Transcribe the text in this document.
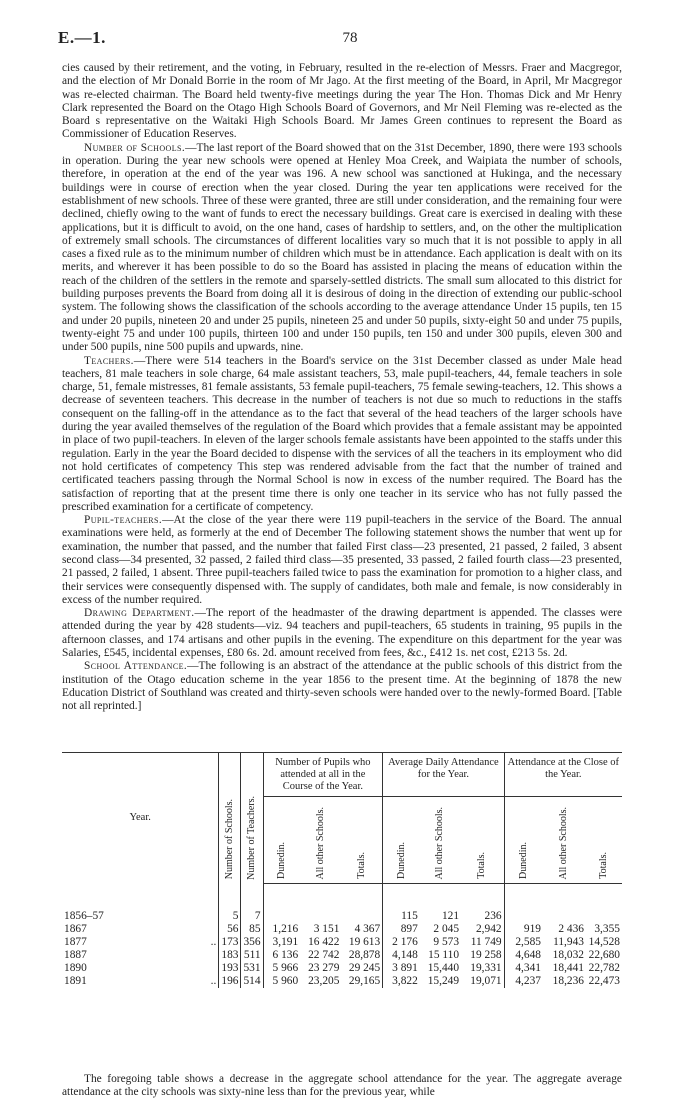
E.—1.	78

cies caused by their retirement, and the voting, in February, resulted in the re-election of Messrs. Fraer and Macgregor, and the election of Mr Donald Borrie in the room of Mr Jago. At the first meeting of the Board, in April, Mr Macgregor was re-elected chairman. The Board held twenty-five meetings during the year The Hon. Thomas Dick and Mr Henry Clark represented the Board on the Otago High Schools Board of Governors, and Mr Neil Fleming was re-elected as the Board s representative on the Waitaki High Schools Board. Mr James Green continues to represent the Board as Commissioner of Education Reserves.

Number of Schools.—The last report of the Board showed that on the 31st December, 1890, there were 193 schools in operation. During the year new schools were opened at Henley Moa Creek, and Waipiata the number of schools, therefore, in operation at the end of the year was 196. A new school was sanctioned at Hukinga, and the necessary buildings were in course of erection when the year closed. During the year ten applications were received for the establishment of new schools. Three of these were granted, three are still under consideration, and the remaining four were declined, chiefly owing to the want of funds to erect the necessary buildings. Great care is exercised in dealing with these applications, but it is difficult to avoid, on the one hand, cases of hardship to settlers, and, on the other the multiplication of extremely small schools. The circumstances of different localities vary so much that it is not possible to apply in all cases a fixed rule as to the minimum number of children which must be in attendance. Each application is dealt with on its merits, and wherever it has been possible to do so the Board has assisted in placing the means of education within the reach of the children of the settlers in the remote and sparsely-settled districts. The small sum allocated to this district for building purposes prevents the Board from doing all it is desirous of doing in the direction of extending our public-school system. The following shows the classification of the schools according to the average attendance Under 15 pupils, ten 15 and under 20 pupils, nineteen 20 and under 25 pupils, nineteen 25 and under 50 pupils, sixty-eight 50 and under 75 pupils, twenty-eight 75 and under 100 pupils, thirteen 100 and under 150 pupils, ten 150 and under 300 pupils, eleven 300 and under 500 pupils, nine 500 pupils and upwards, nine.

Teachers.—There were 514 teachers in the Board's service on the 31st December classed as under Male head teachers, 81 male teachers in sole charge, 64 male assistant teachers, 53, male pupil-teachers, 44, female teachers in sole charge, 51, female mistresses, 81 female assistants, 53 female pupil-teachers, 75 female sewing-teachers, 12. This shows a decrease of seventeen teachers. This decrease in the number of teachers is not due so much to reductions in the staffs consequent on the falling-off in the attendance as to the fact that several of the head teachers of the larger schools have during the year availed themselves of the regulation of the Board which provides that a female assistant may be appointed in place of two pupil-teachers. In eleven of the larger schools female assistants have been appointed to the staffs under this regulation. Early in the year the Board decided to dispense with the services of all the teachers in its employment who did not hold certificates of competency This step was rendered advisable from the fact that the number of trained and certificated teachers passing through the Normal School is now in excess of the number required. The Board has the satisfaction of reporting that at the present time there is only one teacher in its service who has not fully passed the prescribed examination for a certificate of competency.

Pupil-teachers.—At the close of the year there were 119 pupil-teachers in the service of the Board. The annual examinations were held, as formerly at the end of December The following statement shows the number that went up for examination, the number that passed, and the number that failed First class—23 presented, 21 passed, 2 failed, 3 absent second class—34 presented, 32 passed, 2 failed third class—35 presented, 33 passed, 2 failed fourth class—23 presented, 21 passed, 2 failed, 1 absent. Three pupil-teachers failed twice to pass the examination for promotion to a higher class, and their services were consequently dispensed with. The supply of candidates, both male and female, is now considerably in excess of the number required.

Drawing Department.—The report of the headmaster of the drawing department is appended. The classes were attended during the year by 428 students—viz. 94 teachers and pupil-teachers, 65 students in training, 95 pupils in the afternoon classes, and 174 artisans and other pupils in the evening. The expenditure on this department for the year was Salaries, £545, incidental expenses, £80 6s. 2d. amount received from fees, &c., £412 1s. net cost, £213 5s. 2d.

School Attendance.—The following is an abstract of the attendance at the public schools of this district from the institution of the Otago education scheme in the year 1856 to the present time. At the beginning of 1878 the new Education District of Southland was created and thirty-seven schools were handed over to the newly-formed Board. [Table not all reprinted.]

Year.		Number of Schools.	Number of Teachers.	Number of Pupils who attended at all in the Course of the Year.			Average Daily Attendance for the Year.			Attendance at the Close of the Year.		
				Dunedin.	All other Schools.	Totals.	Dunedin.	All other Schools.	Totals.	Dunedin.	All other Schools.	Totals.
1856–57		5	7				115	121	236			
1867		56	85	1,216	3 151	4 367	897	2 045	2,942	919	2 436	3,355
1877	..	173	356	3,191	16 422	19 613	2 176	9 573	11 749	2,585	11,943	14,528
1887		183	511	6 136	22 742	28,878	4,148	15 110	19 258	4,648	18,032	22,680
1890		193	531	5 966	23 279	29 245	3 891	15,440	19,331	4,341	18,441	22,782
1891	..	196	514	5 960	23,205	29,165	3,822	15,249	19,071	4,237	18,236	22,473

The foregoing table shows a decrease in the aggregate school attendance for the year. The aggregate average attendance at the city schools was sixty-nine less than for the previous year, while
